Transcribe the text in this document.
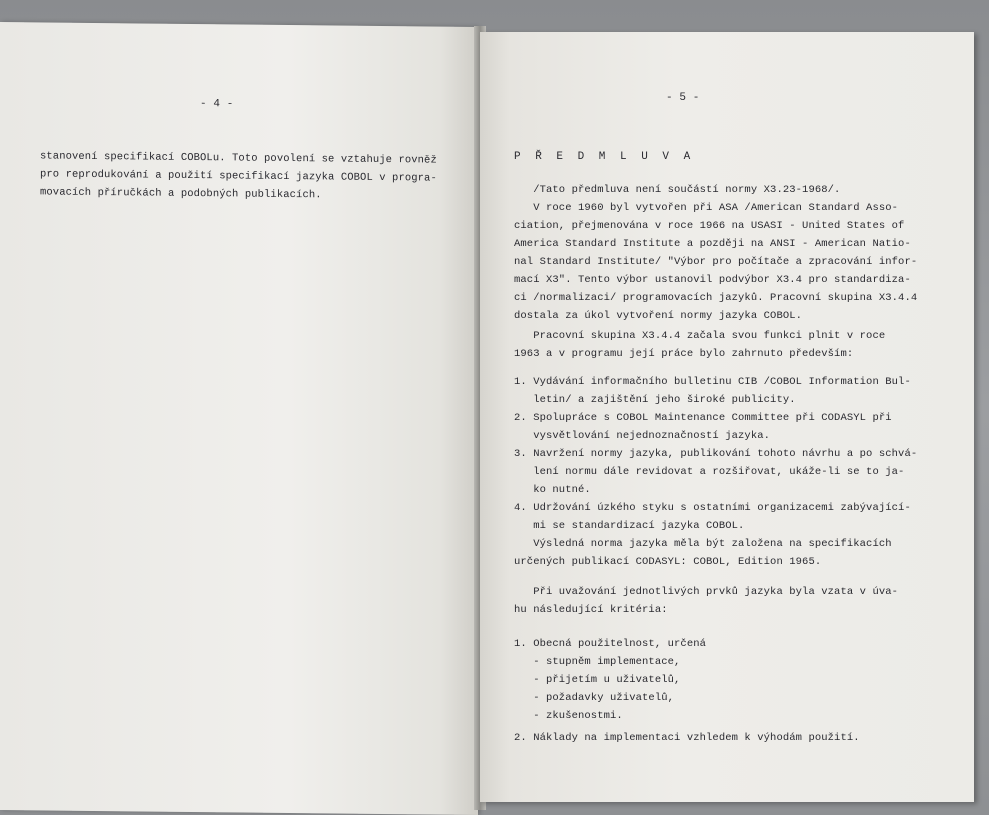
- 4 -
stanovení specifikací COBOLu. Toto povolení se vztahuje rovněž
pro reprodukování a použití specifikací jazyka COBOL v progra-
movacích příručkách a podobných publikacích.
- 5 -
P Ř E D M L U V A
/Tato předmluva není součástí normy X3.23-1968/.
V roce 1960 byl vytvořen při ASA /American Standard Asso-
ciation, přejmenována v roce 1966 na USASI - United States of
America Standard Institute a později na ANSI - American Natio-
nal Standard Institute/ "Výbor pro počítače a zpracování infor-
mací X3". Tento výbor ustanovil podvýbor X3.4 pro standardiza-
ci /normalizaci/ programovacích jazyků. Pracovní skupina X3.4.4
dostala za úkol vytvoření normy jazyka COBOL.
Pracovní skupina X3.4.4 začala svou funkci plnit v roce
1963 a v programu její práce bylo zahrnuto především:
1. Vydávání informačního bulletinu CIB /COBOL Information Bul-
letin/ a zajištění jeho široké publicity.
2. Spolupráce s COBOL Maintenance Committee při CODASYL při
vysvětlování nejednoznačností jazyka.
3. Navržení normy jazyka, publikování tohoto návrhu a po schvá-
lení normu dále revidovat a rozšiřovat, ukáže-li se to ja-
ko nutné.
4. Udržování úzkého styku s ostatními organizacemi zabývající-
mi se standardizací jazyka COBOL.
Výsledná norma jazyka měla být založena na specifikacích
určených publikací CODASYL: COBOL, Edition 1965.
Při uvažování jednotlivých prvků jazyka byla vzata v úva-
hu následující kritéria:
1. Obecná použitelnost, určená
- stupněm implementace,
- přijetím u uživatelů,
- požadavky uživatelů,
- zkušenostmi.
2. Náklady na implementaci vzhledem k výhodám použití.
